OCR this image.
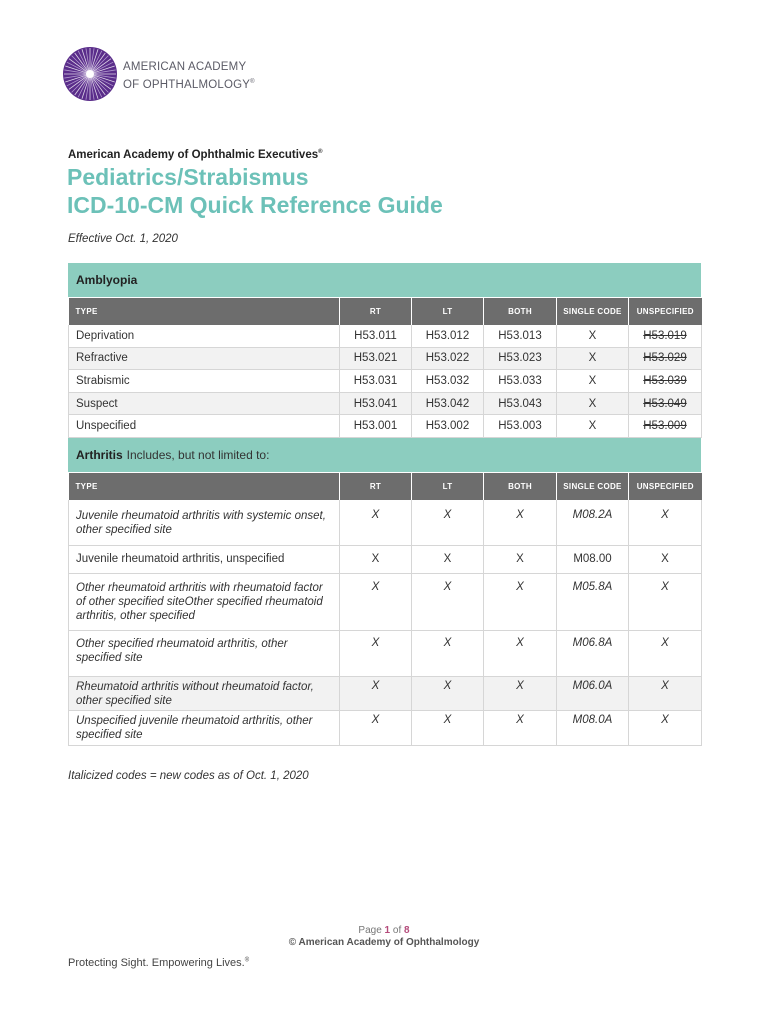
AMERICAN ACADEMY
OF OPHTHALMOLOGY®
American Academy of Ophthalmic Executives®
Pediatrics/Strabismus
ICD-10-CM Quick Reference Guide
Effective Oct. 1, 2020
Amblyopia
TYPE	RT	LT	BOTH	SINGLE CODE	UNSPECIFIED
Deprivation	H53.011	H53.012	H53.013	X	H53.019
Refractive	H53.021	H53.022	H53.023	X	H53.029
Strabismic	H53.031	H53.032	H53.033	X	H53.039
Suspect	H53.041	H53.042	H53.043	X	H53.049
Unspecified	H53.001	H53.002	H53.003	X	H53.009
Arthritis Includes, but not limited to:
TYPE	RT	LT	BOTH	SINGLE CODE	UNSPECIFIED
Juvenile rheumatoid arthritis with systemic onset, other specified site	X	X	X	M08.2A	X
Juvenile rheumatoid arthritis, unspecified	X	X	X	M08.00	X
Other rheumatoid arthritis with rheumatoid factor of other specified siteOther specified rheumatoid arthritis, other specified	X	X	X	M05.8A	X
Other specified rheumatoid arthritis, other specified site	X	X	X	M06.8A	X
Rheumatoid arthritis without rheumatoid factor, other specified site	X	X	X	M06.0A	X
Unspecified juvenile rheumatoid arthritis, other specified site	X	X	X	M08.0A	X
Italicized codes = new codes as of Oct. 1, 2020
Page 1 of 8
© American Academy of Ophthalmology
Protecting Sight. Empowering Lives.®
